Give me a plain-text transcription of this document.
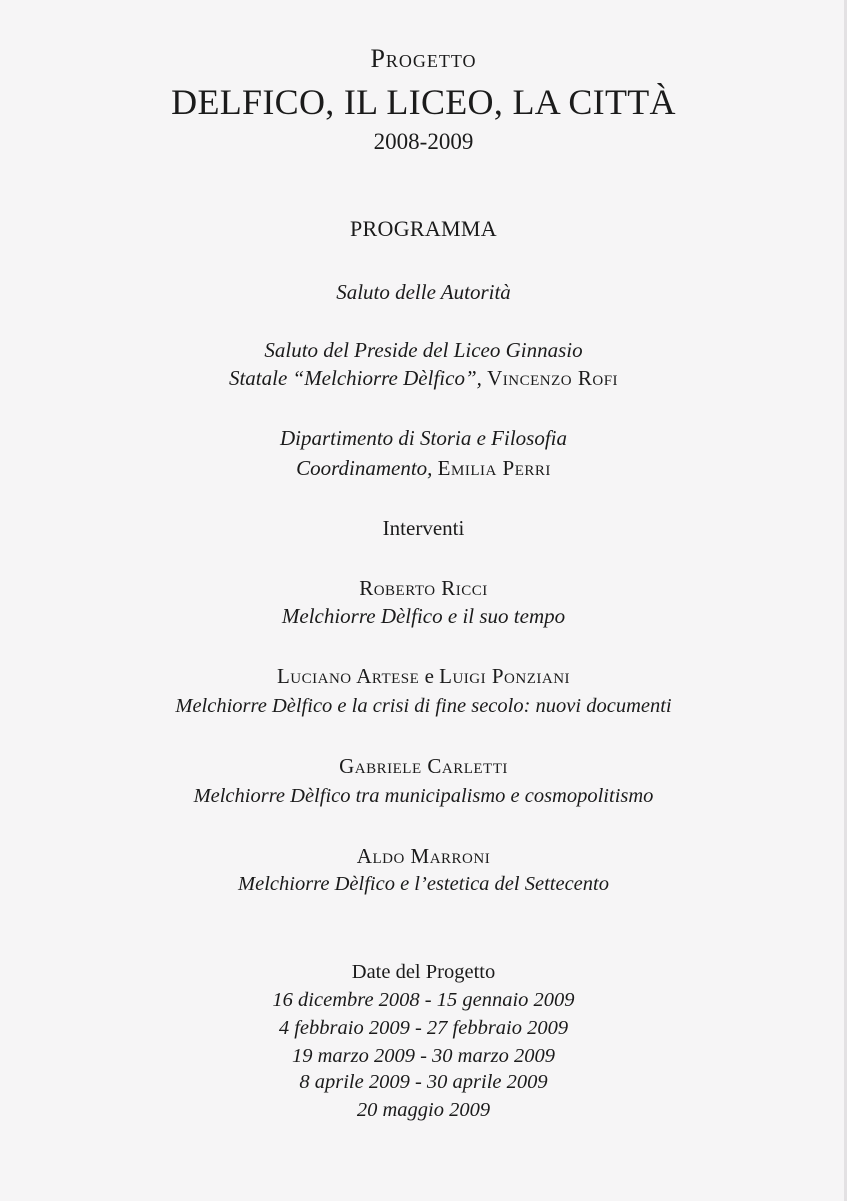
Progetto
DELFICO, IL LICEO, LA CITTÀ
2008-2009
PROGRAMMA
Saluto delle Autorità
Saluto del Preside del Liceo Ginnasio
Statale “Melchiorre Dèlfico”, Vincenzo Rofi
Dipartimento di Storia e Filosofia
Coordinamento, Emilia Perri
Interventi
Roberto Ricci
Melchiorre Dèlfico e il suo tempo
Luciano Artese e Luigi Ponziani
Melchiorre Dèlfico e la crisi di fine secolo: nuovi documenti
Gabriele Carletti
Melchiorre Dèlfico tra municipalismo e cosmopolitismo
Aldo Marroni
Melchiorre Dèlfico e l’estetica del Settecento
Date del Progetto
16 dicembre 2008 - 15 gennaio 2009
4 febbraio 2009 - 27 febbraio 2009
19 marzo 2009 - 30 marzo 2009
8 aprile 2009 - 30 aprile 2009
20 maggio 2009
